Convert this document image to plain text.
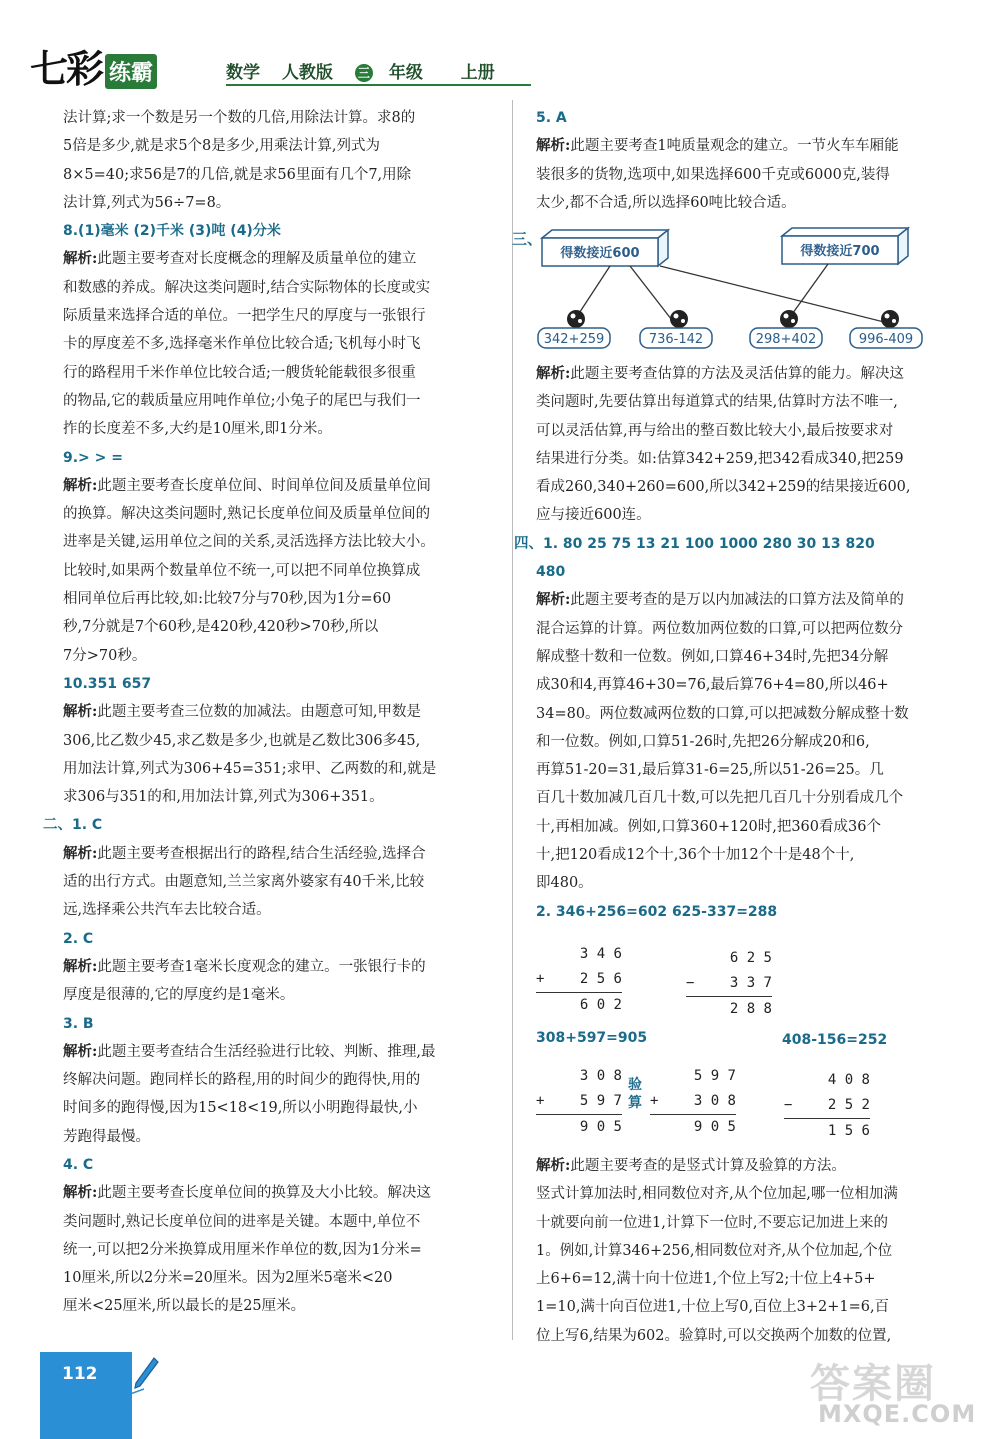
七彩 练霸	数学 人教版 三 年级 上册

法计算;求一个数是另一个数的几倍,用除法计算。求8的

5倍是多少,就是求5个8是多少,用乘法计算,列式为

8×5=40;求56是7的几倍,就是求56里面有几个7,用除

法计算,列式为56÷7=8。

8.(1)毫米 (2)千米 (3)吨 (4)分米

解析:此题主要考查对长度概念的理解及质量单位的建立

和数感的养成。解决这类问题时,结合实际物体的长度或实

际质量来选择合适的单位。一把学生尺的厚度与一张银行

卡的厚度差不多,选择毫米作单位比较合适;飞机每小时飞

行的路程用千米作单位比较合适;一艘货轮能载很多很重

的物品,它的载质量应用吨作单位;小兔子的尾巴与我们一

拃的长度差不多,大约是10厘米,即1分米。

9.> > =

解析:此题主要考查长度单位间、时间单位间及质量单位间

的换算。解决这类问题时,熟记长度单位间及质量单位间的

进率是关键,运用单位之间的关系,灵活选择方法比较大小。

比较时,如果两个数量单位不统一,可以把不同单位换算成

相同单位后再比较,如:比较7分与70秒,因为1分=60

秒,7分就是7个60秒,是420秒,420秒>70秒,所以

7分>70秒。

10.351 657

解析:此题主要考查三位数的加减法。由题意可知,甲数是

306,比乙数少45,求乙数是多少,也就是乙数比306多45,

用加法计算,列式为306+45=351;求甲、乙两数的和,就是

求306与351的和,用加法计算,列式为306+351。

二、1. C

解析:此题主要考查根据出行的路程,结合生活经验,选择合

适的出行方式。由题意知,兰兰家离外婆家有40千米,比较

远,选择乘公共汽车去比较合适。

2. C

解析:此题主要考查1毫米长度观念的建立。一张银行卡的

厚度是很薄的,它的厚度约是1毫米。

3. B

解析:此题主要考查结合生活经验进行比较、判断、推理,最

终解决问题。跑同样长的路程,用的时间少的跑得快,用的

时间多的跑得慢,因为15<18<19,所以小明跑得最快,小

芳跑得最慢。

4. C

解析:此题主要考查长度单位间的换算及大小比较。解决这

类问题时,熟记长度单位间的进率是关键。本题中,单位不

统一,可以把2分米换算成用厘米作单位的数,因为1分米=

10厘米,所以2分米=20厘米。因为2厘米5毫米<20

厘米<25厘米,所以最长的是25厘米。

5. A

解析:此题主要考查1吨质量观念的建立。一节火车车厢能

装很多的货物,选项中,如果选择600千克或6000克,装得

太少,都不合适,所以选择60吨比较合适。

三、
得数接近600	得数接近700
342+259	736-142	298+402	996-409

解析:此题主要考查估算的方法及灵活估算的能力。解决这

类问题时,先要估算出每道算式的结果,估算时方法不唯一,

可以灵活估算,再与给出的整百数比较大小,最后按要求对

结果进行分类。如:估算342+259,把342看成340,把259

看成260,340+260=600,所以342+259的结果接近600,

应与接近600连。

四、1. 80 25 75 13 21 100 1000 280 30 13 820

480

解析:此题主要考查的是万以内加减法的口算方法及简单的

混合运算的计算。两位数加两位数的口算,可以把两位数分

解成整十数和一位数。例如,口算46+34时,先把34分解

成30和4,再算46+30=76,最后算76+4=80,所以46+

34=80。两位数减两位数的口算,可以把减数分解成整十数

和一位数。例如,口算51-26时,先把26分解成20和6,

再算51-20=31,最后算31-6=25,所以51-26=25。几

百几十数加减几百几十数,可以先把几百几十分别看成几个

十,再相加减。例如,口算360+120时,把360看成36个

十,把120看成12个十,36个十加12个十是48个十,

即480。

2. 346+256=602 625-337=288

3 4 6
+	2 5 6
6 0 2
6 2 5
−	3 3 7
2 8 8
308+597=905	408-156=252
3 0 8
+	5 9 7
9 0 5
验算
5 9 7
+	3 0 8
9 0 5
4 0 8
−	2 5 2
1 5 6

解析:此题主要考查的是竖式计算及验算的方法。

竖式计算加法时,相同数位对齐,从个位加起,哪一位相加满

十就要向前一位进1,计算下一位时,不要忘记加进上来的

1。例如,计算346+256,相同数位对齐,从个位加起,个位

上6+6=12,满十向十位进1,个位上写2;十位上4+5+

1=10,满十向百位进1,十位上写0,百位上3+2+1=6,百

位上写6,结果为602。验算时,可以交换两个加数的位置,

112	答案圈
MXQE.COM
